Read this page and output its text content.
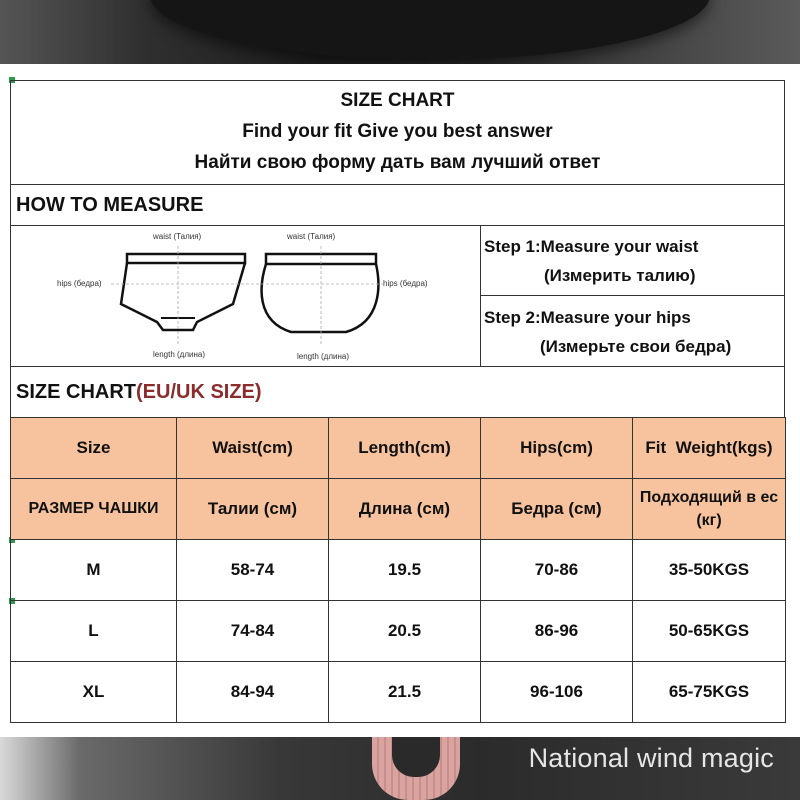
National wind magic
SIZE CHART
Find your fit Give you best answer
Найти свою форму дать вам лучший ответ
HOW TO MEASURE
waist (Талия)	waist (Талия)
hips (бедра)	hips (бедра)
length (длина)	length (длина)
Step 1:Measure your waist
(Измерить талию)
Step 2:Measure your hips
(Измерьте свои бедра)
SIZE CHART(EU/UK SIZE)
Size	Waist(cm)	Length(cm)	Hips(cm)	Fit  Weight(kgs)
РАЗМЕР ЧАШКИ	Талии (см)	Длина (см)	Бедра (см)	Подходящий в ес (кг)
M	58-74	19.5	70-86	35-50KGS
L	74-84	20.5	86-96	50-65KGS
XL	84-94	21.5	96-106	65-75KGS
